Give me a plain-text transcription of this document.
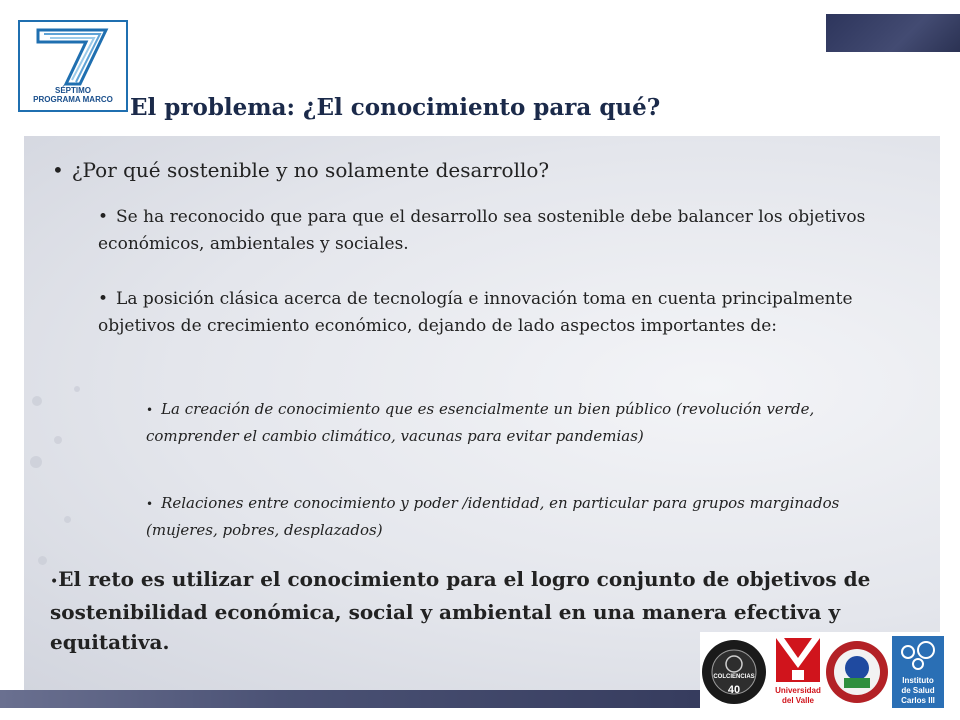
SÉPTIMO
PROGRAMA MARCO El problema: ¿El conocimiento para qué?
• ¿Por qué sostenible y no solamente desarrollo?
• Se ha reconocido que para que el desarrollo sea sostenible debe balancer los objetivos económicos, ambientales y sociales.
• La posición clásica acerca de tecnología e innovación toma en cuenta principalmente objetivos de crecimiento económico, dejando de lado aspectos importantes de:
• La creación de conocimiento que es esencialmente un bien público (revolución verde, comprender el cambio climático, vacunas para evitar pandemias)
• Relaciones entre conocimiento y poder /identidad, en particular para grupos marginados (mujeres, pobres, desplazados)
•El reto es utilizar el conocimiento para el logro conjunto de objetivos de sostenibilidad económica, social y ambiental en una manera efectiva y equitativa.
COLCIENCIAS
40	Universidad
del Valle
Instituto
de Salud
Carlos III
